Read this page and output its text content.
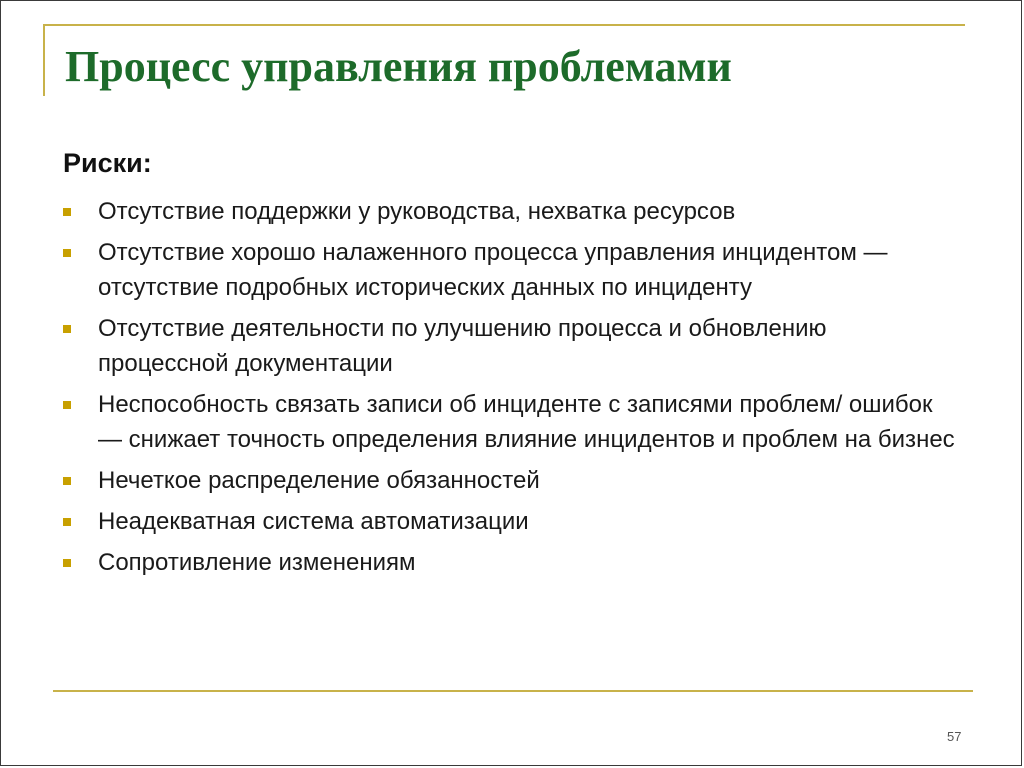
Процесс управления проблемами
Риски:
Отсутствие поддержки у руководства, нехватка ресурсов
Отсутствие хорошо налаженного процесса управления инцидентом — отсутствие подробных исторических данных по инциденту
Отсутствие деятельности по улучшению процесса и обновлению процессной документации
Неспособность связать записи об инциденте с записями проблем/ ошибок — снижает точность определения влияние инцидентов и проблем на бизнес
Нечеткое распределение обязанностей
Неадекватная система автоматизации
Сопротивление изменениям
57
